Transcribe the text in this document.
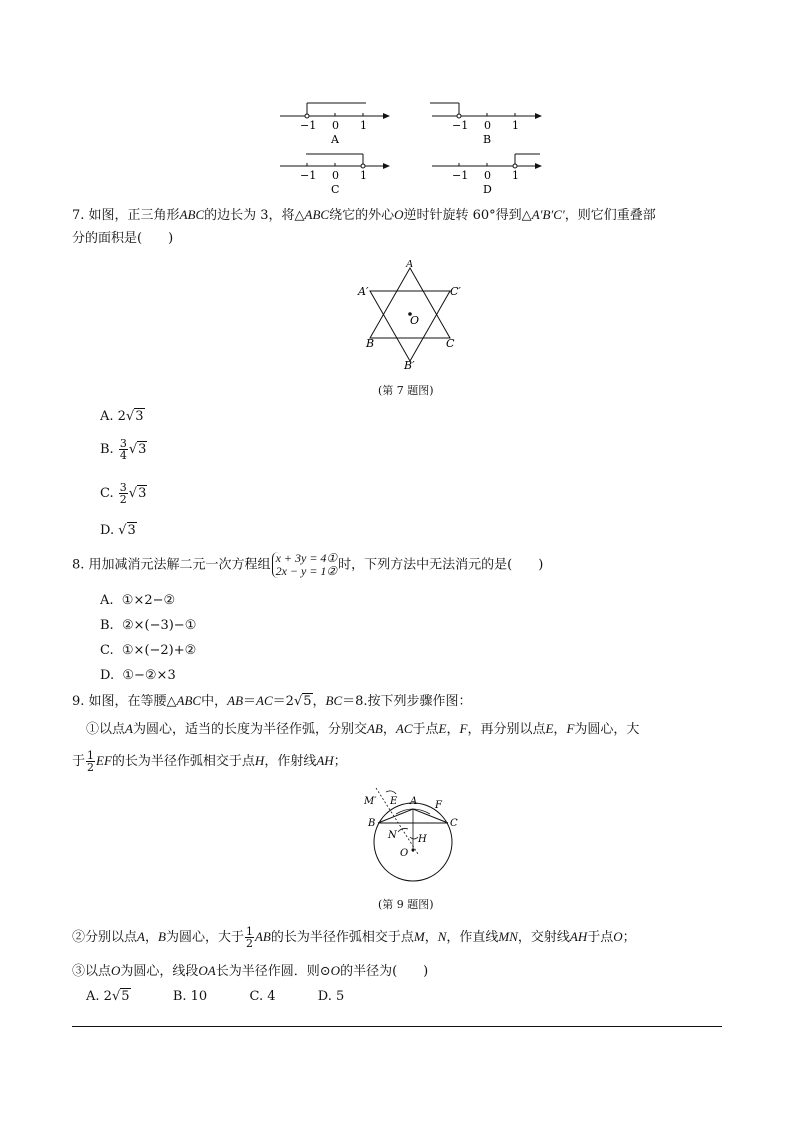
−1 0 1
A
−1 0 1
B
−1 0 1
C
−1 0 1
D
7. 如图，正三角形ABC的边长为 3，将△ABC绕它的外心O逆时针旋转 60°得到△A′B′C′，则它们重叠部
分的面积是(　　)
A
A′	C′
O
B	C
B′
(第 7 题图)
A. 2√3
B. $\frac{3}{4} √3$
C. $\frac{3}{2} √3$
D. √3
8. 用加减消元法解二元一次方程组 x + 3y = 4①
2x − y = 1② 时，下列方法中无法消元的是(　　)
A. ①×2−②
B. ②×(−3)−①
C. ①×(−2)+②
D. ①−②×3
9. 如图，在等腰△ABC中，AB＝AC＝2√5，BC＝8.按下列步骤作图：
①以点A为圆心，适当的长度为半径作弧，分别交AB，AC于点E，F，再分别以点E，F为圆心，大
于 $\frac{1}{2}$ EF的长为半径作弧相交于点H，作射线AH；
M′ E A F
B	C
N H
O
(第 9 题图)
②分别以点A，B为圆心，大于 $\frac{1}{2}$ AB的长为半径作弧相交于点M，N，作直线MN，交射线AH于点O；
③以点O为圆心，线段OA长为半径作圆．则⊙O的半径为(　　)
A. 2√5	B. 10	C. 4	D. 5
